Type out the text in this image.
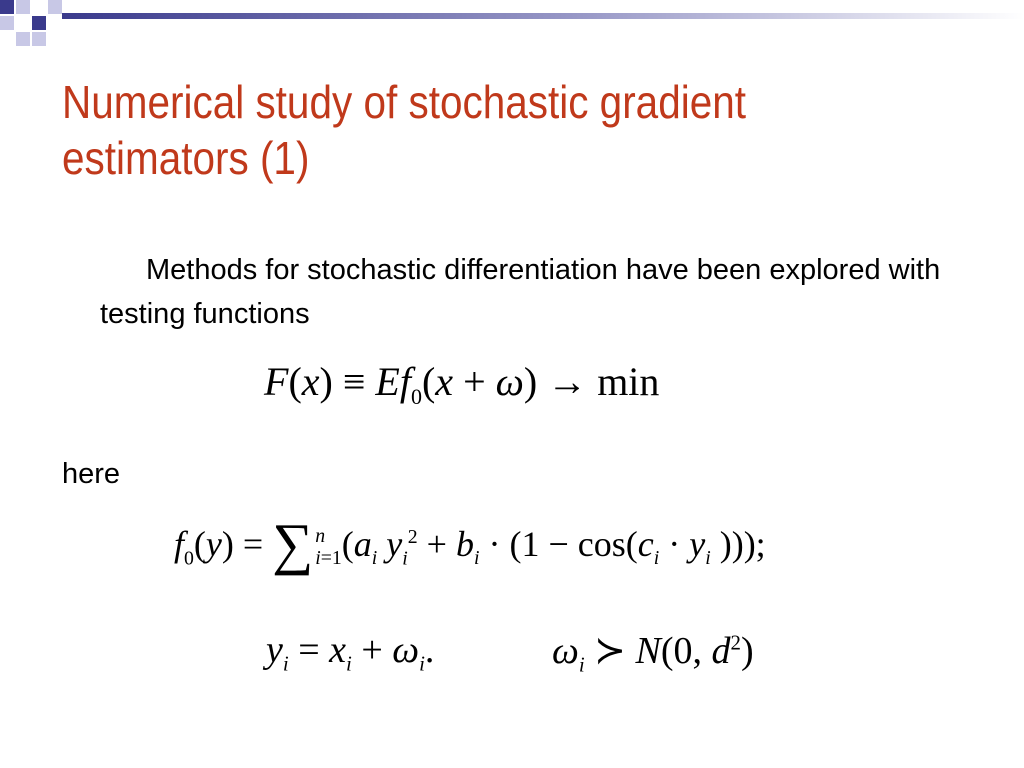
Numerical study of stochastic gradient estimators (1)
Methods for stochastic differentiation have been explored with testing functions
$F(x) \equiv Ef_0(x + \omega) \to \min$
here
$f_0(y)$ = ∑ n
$i=1(a_i$ $y_i^2 + b_i \cdot (1 - \cos(c_i \cdot y_i$ )));
$y_i = x_i + \omega_i$.	$\omega_i$ ≻ N(0, $d^2$)
